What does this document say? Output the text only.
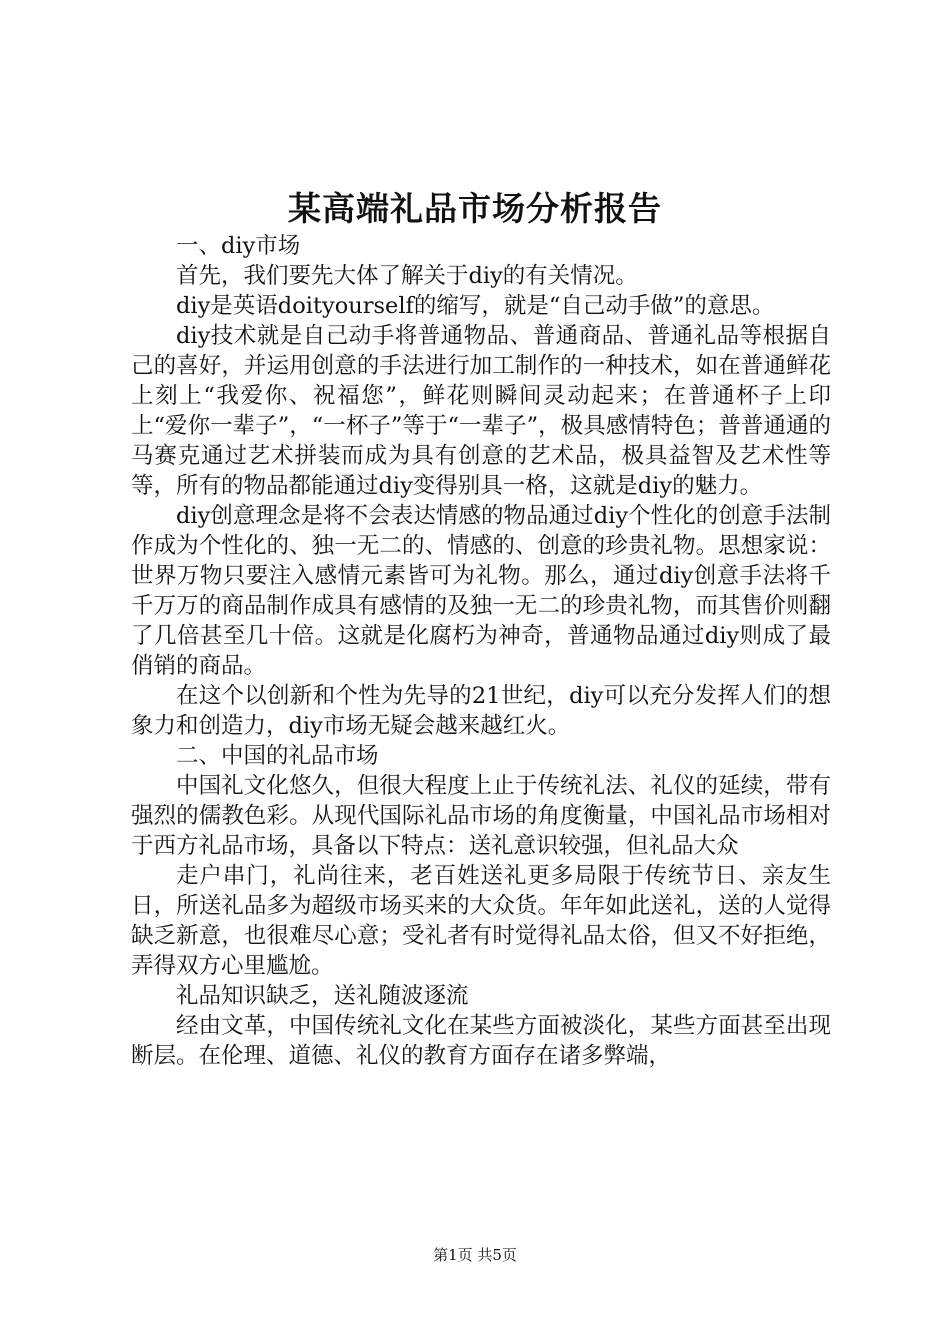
某高端礼品市场分析报告

一、diy市场

首先，我们要先大体了解关于diy的有关情况。

diy是英语doityourself的缩写，就是“自己动手做”的意思。

diy技术就是自己动手将普通物品、普通商品、普通礼品等根据自己的喜好，并运用创意的手法进行加工制作的一种技术，如在普通鲜花上刻上“我爱你、祝福您”，鲜花则瞬间灵动起来；在普通杯子上印上“爱你一辈子”，“一杯子”等于“一辈子”，极具感情特色；普普通通的马赛克通过艺术拼装而成为具有创意的艺术品，极具益智及艺术性等等，所有的物品都能通过diy变得别具一格，这就是diy的魅力。

diy创意理念是将不会表达情感的物品通过diy个性化的创意手法制作成为个性化的、独一无二的、情感的、创意的珍贵礼物。思想家说：世界万物只要注入感情元素皆可为礼物。那么，通过diy创意手法将千千万万的商品制作成具有感情的及独一无二的珍贵礼物，而其售价则翻了几倍甚至几十倍。这就是化腐朽为神奇，普通物品通过diy则成了最俏销的商品。

在这个以创新和个性为先导的21世纪，diy可以充分发挥人们的想象力和创造力，diy市场无疑会越来越红火。

二、中国的礼品市场

中国礼文化悠久，但很大程度上止于传统礼法、礼仪的延续，带有强烈的儒教色彩。从现代国际礼品市场的角度衡量，中国礼品市场相对于西方礼品市场，具备以下特点：送礼意识较强，但礼品大众

走户串门，礼尚往来，老百姓送礼更多局限于传统节日、亲友生日，所送礼品多为超级市场买来的大众货。年年如此送礼，送的人觉得缺乏新意，也很难尽心意；受礼者有时觉得礼品太俗，但又不好拒绝，弄得双方心里尴尬。

礼品知识缺乏，送礼随波逐流

经由文革，中国传统礼文化在某些方面被淡化，某些方面甚至出现断层。在伦理、道德、礼仪的教育方面存在诸多弊端，

第1页 共5页
